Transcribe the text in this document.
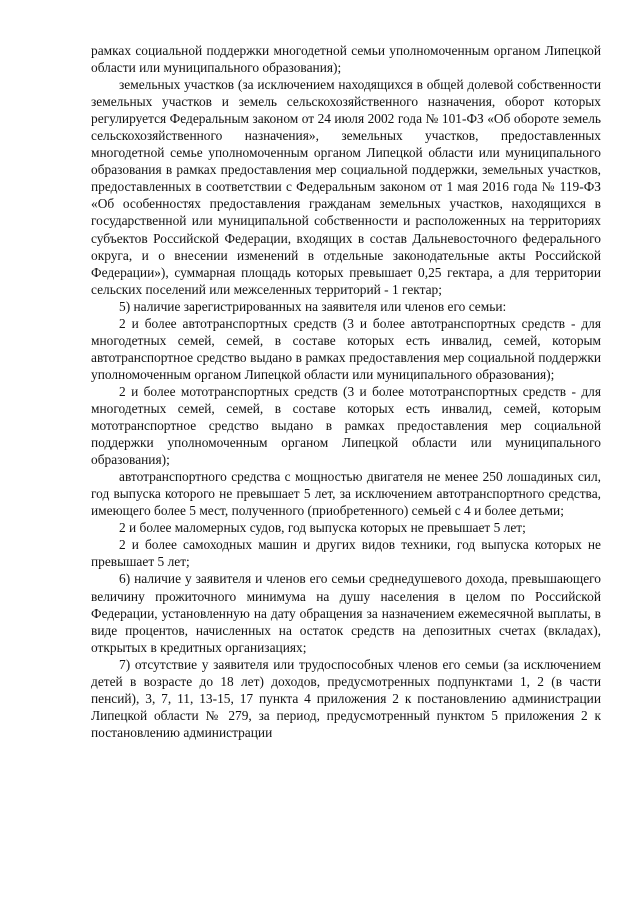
рамках социальной поддержки многодетной семьи уполномоченным органом Липецкой области или муниципального образования);

земельных участков (за исключением находящихся в общей долевой собственности земельных участков и земель сельскохозяйственного назначения, оборот которых регулируется Федеральным законом от 24 июля 2002 года № 101-ФЗ «Об обороте земель сельскохозяйственного назначения», земельных участков, предоставленных многодетной семье уполномоченным органом Липецкой области или муниципального образования в рамках предоставления мер социальной поддержки, земельных участков, предоставленных в соответствии с Федеральным законом от 1 мая 2016 года № 119-ФЗ «Об особенностях предоставления гражданам земельных участков, находящихся в государственной или муниципальной собственности и расположенных на территориях субъектов Российской Федерации, входящих в состав Дальневосточного федерального округа, и о внесении изменений в отдельные законодательные акты Российской Федерации»), суммарная площадь которых превышает 0,25 гектара, а для территории сельских поселений или межселенных территорий - 1 гектар;

5) наличие зарегистрированных на заявителя или членов его семьи:

2 и более автотранспортных средств (3 и более автотранспортных средств - для многодетных семей, семей, в составе которых есть инвалид, семей, которым автотранспортное средство выдано в рамках предоставления мер социальной поддержки уполномоченным органом Липецкой области или муниципального образования);

2 и более мототранспортных средств (3 и более мототранспортных средств - для многодетных семей, семей, в составе которых есть инвалид, семей, которым мототранспортное средство выдано в рамках предоставления мер социальной поддержки уполномоченным органом Липецкой области или муниципального образования);

автотранспортного средства с мощностью двигателя не менее 250 лошадиных сил, год выпуска которого не превышает 5 лет, за исключением автотранспортного средства, имеющего более 5 мест, полученного (приобретенного) семьей с 4 и более детьми;

2 и более маломерных судов, год выпуска которых не превышает 5 лет;

2 и более самоходных машин и других видов техники, год выпуска которых не превышает 5 лет;

6) наличие у заявителя и членов его семьи среднедушевого дохода, превышающего величину прожиточного минимума на душу населения в целом по Российской Федерации, установленную на дату обращения за назначением ежемесячной выплаты, в виде процентов, начисленных на остаток средств на депозитных счетах (вкладах), открытых в кредитных организациях;

7) отсутствие у заявителя или трудоспособных членов его семьи (за исключением детей в возрасте до 18 лет) доходов, предусмотренных подпунктами 1, 2 (в части пенсий), 3, 7, 11, 13-15, 17 пункта 4 приложения 2 к постановлению администрации Липецкой области № 279, за период, предусмотренный пунктом 5 приложения 2 к постановлению администрации
